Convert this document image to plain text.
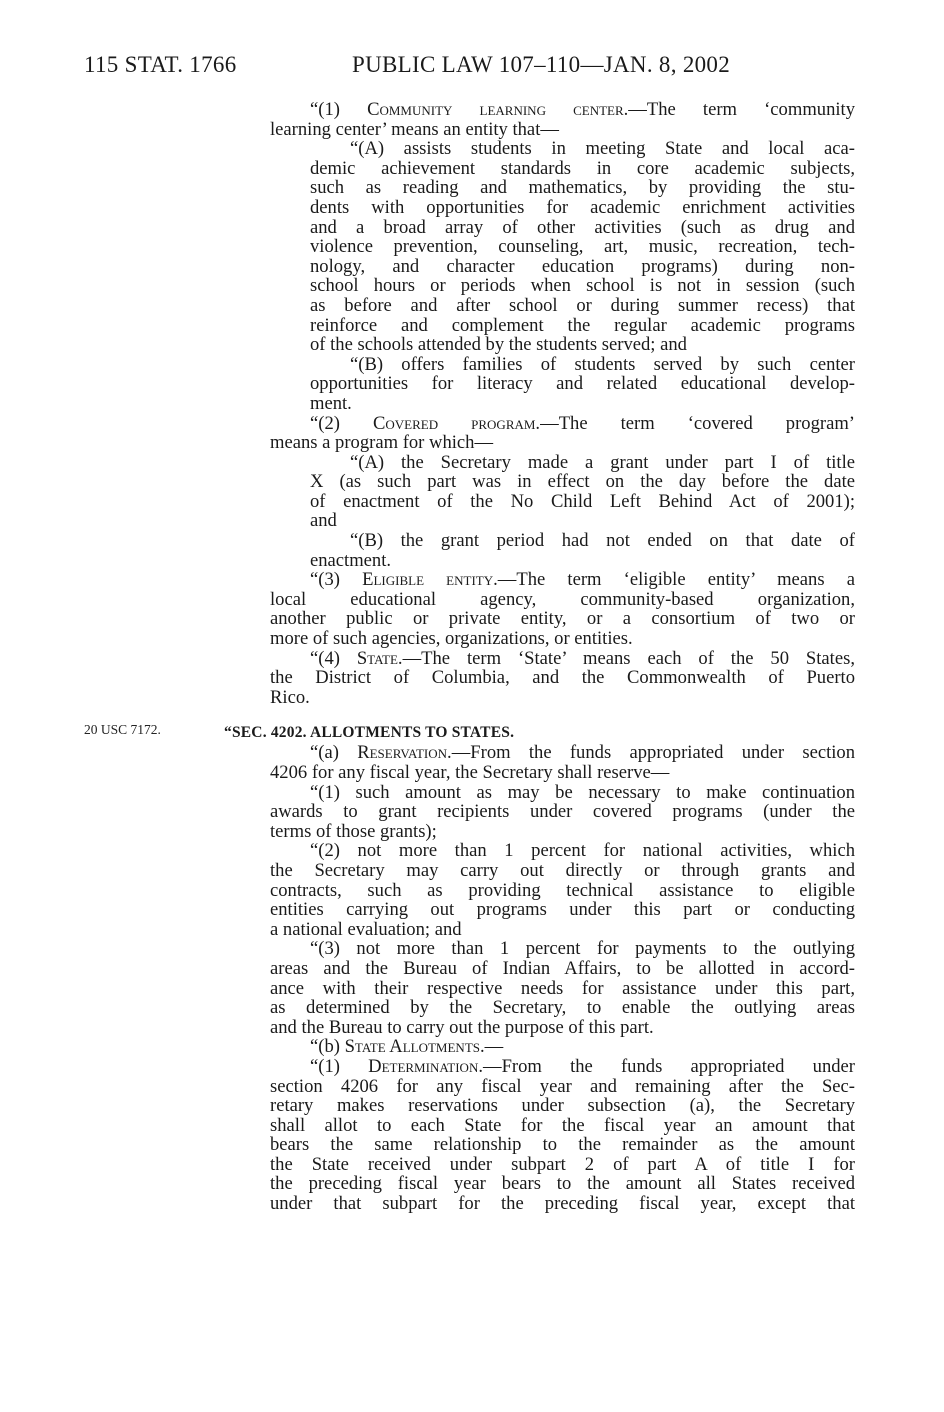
115 STAT. 1766	PUBLIC LAW 107–110—JAN. 8, 2002
20 USC 7172.

“(1) Community learning center.—The term ‘community

learning center’ means an entity that—

“(A) assists students in meeting State and local aca-

demic achievement standards in core academic subjects,

such as reading and mathematics, by providing the stu-

dents with opportunities for academic enrichment activities

and a broad array of other activities (such as drug and

violence prevention, counseling, art, music, recreation, tech-

nology, and character education programs) during non-

school hours or periods when school is not in session (such

as before and after school or during summer recess) that

reinforce and complement the regular academic programs

of the schools attended by the students served; and

“(B) offers families of students served by such center

opportunities for literacy and related educational develop-

ment.

“(2) Covered program.—The term ‘covered program’

means a program for which—

“(A) the Secretary made a grant under part I of title

X (as such part was in effect on the day before the date

of enactment of the No Child Left Behind Act of 2001);

and

“(B) the grant period had not ended on that date of

enactment.

“(3) Eligible entity.—The term ‘eligible entity’ means a

local educational agency, community-based organization,

another public or private entity, or a consortium of two or

more of such agencies, organizations, or entities.

“(4) State.—The term ‘State’ means each of the 50 States,

the District of Columbia, and the Commonwealth of Puerto

Rico.

“SEC. 4202. ALLOTMENTS TO STATES.

“(a) Reservation.—From the funds appropriated under section

4206 for any fiscal year, the Secretary shall reserve—

“(1) such amount as may be necessary to make continuation

awards to grant recipients under covered programs (under the

terms of those grants);

“(2) not more than 1 percent for national activities, which

the Secretary may carry out directly or through grants and

contracts, such as providing technical assistance to eligible

entities carrying out programs under this part or conducting

a national evaluation; and

“(3) not more than 1 percent for payments to the outlying

areas and the Bureau of Indian Affairs, to be allotted in accord-

ance with their respective needs for assistance under this part,

as determined by the Secretary, to enable the outlying areas

and the Bureau to carry out the purpose of this part.

“(b) State Allotments.—

“(1) Determination.—From the funds appropriated under

section 4206 for any fiscal year and remaining after the Sec-

retary makes reservations under subsection (a), the Secretary

shall allot to each State for the fiscal year an amount that

bears the same relationship to the remainder as the amount

the State received under subpart 2 of part A of title I for

the preceding fiscal year bears to the amount all States received

under that subpart for the preceding fiscal year, except that
